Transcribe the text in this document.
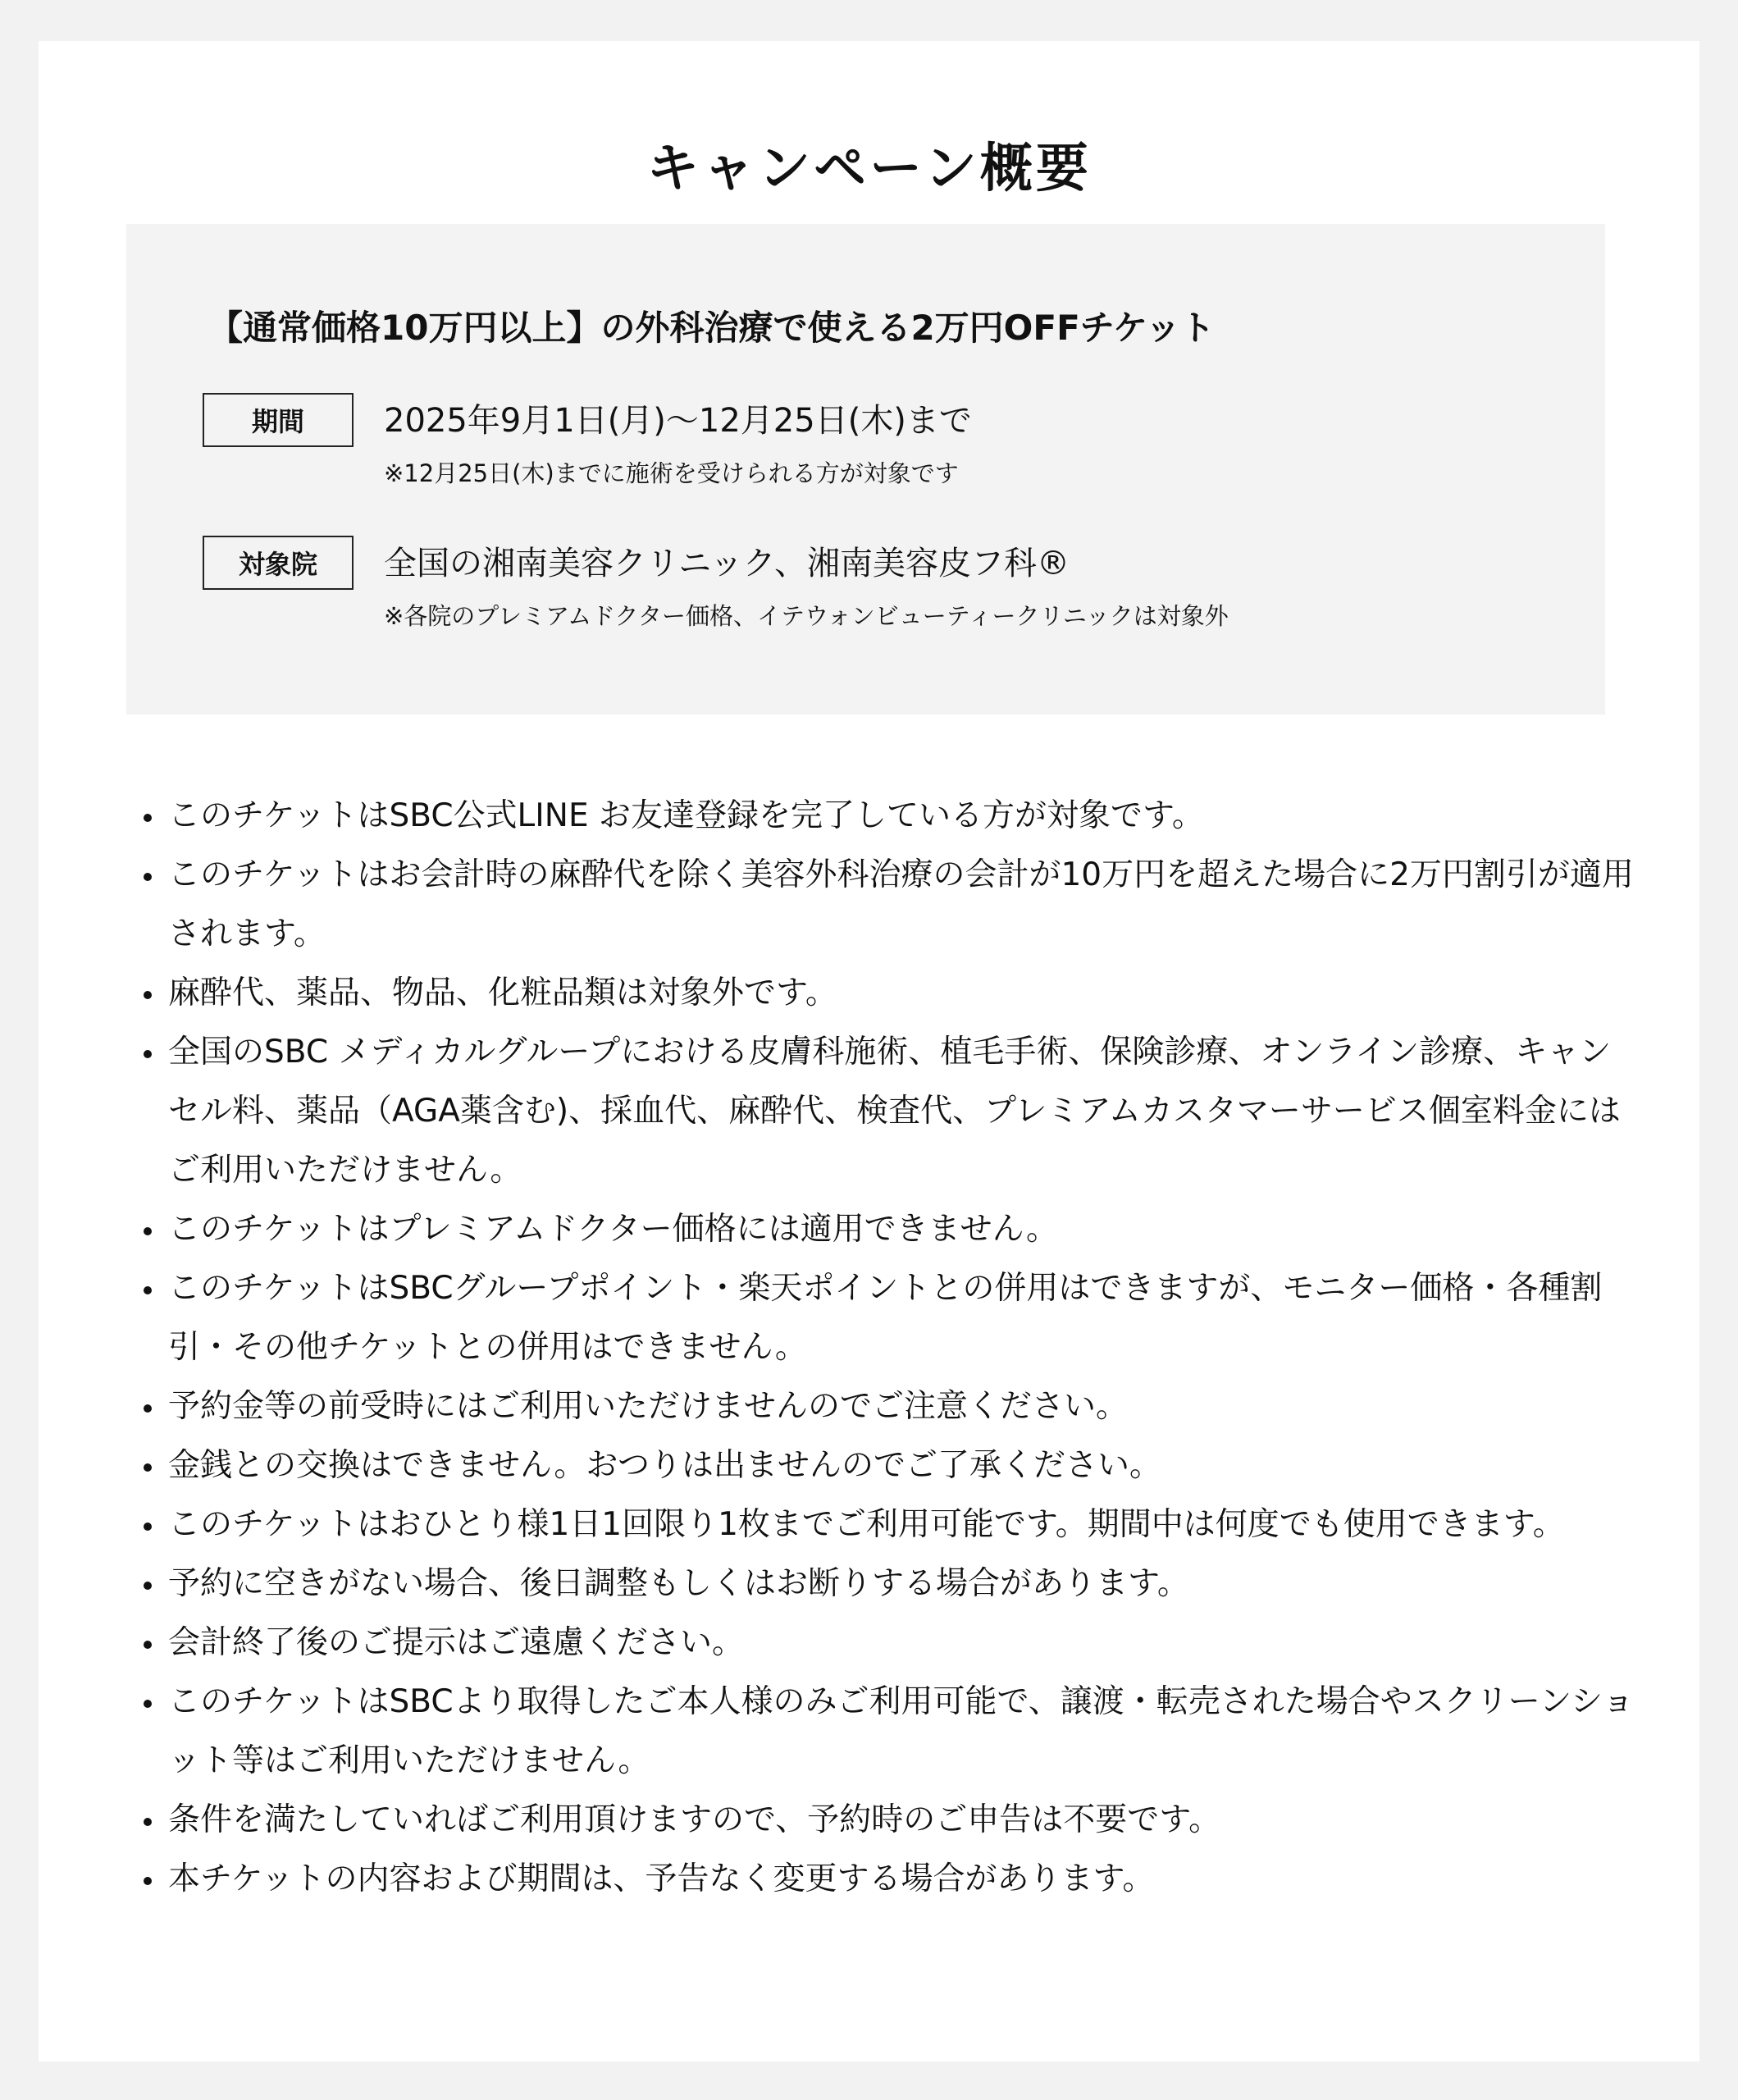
キャンペーン概要
【通常価格10万円以上】の外科治療で使える2万円OFFチケット
期間	2025年9月1日(月)〜12月25日(木)まで
※12月25日(木)までに施術を受けられる方が対象です
対象院	全国の湘南美容クリニック、湘南美容皮フ科®
※各院のプレミアムドクター価格、イテウォンビューティークリニックは対象外
このチケットはSBC公式LINE お友達登録を完了している方が対象です。
このチケットはお会計時の麻酔代を除く美容外科治療の会計が10万円を超えた場合に2万円割引が適用されます。
麻酔代、薬品、物品、化粧品類は対象外です。
全国のSBC メディカルグループにおける皮膚科施術、植毛手術、保険診療、オンライン診療、キャンセル料、薬品（AGA薬含む)、採血代、麻酔代、検査代、プレミアムカスタマーサービス個室料金にはご利用いただけません。
このチケットはプレミアムドクター価格には適用できません。
このチケットはSBCグループポイント・楽天ポイントとの併用はできますが、モニター価格・各種割引・その他チケットとの併用はできません。
予約金等の前受時にはご利用いただけませんのでご注意ください。
金銭との交換はできません。おつりは出ませんのでご了承ください。
このチケットはおひとり様1日1回限り1枚までご利用可能です。期間中は何度でも使用できます。
予約に空きがない場合、後日調整もしくはお断りする場合があります。
会計終了後のご提示はご遠慮ください。
このチケットはSBCより取得したご本人様のみご利用可能で、譲渡・転売された場合やスクリーンショット等はご利用いただけません。
条件を満たしていればご利用頂けますので、予約時のご申告は不要です。
本チケットの内容および期間は、予告なく変更する場合があります。
